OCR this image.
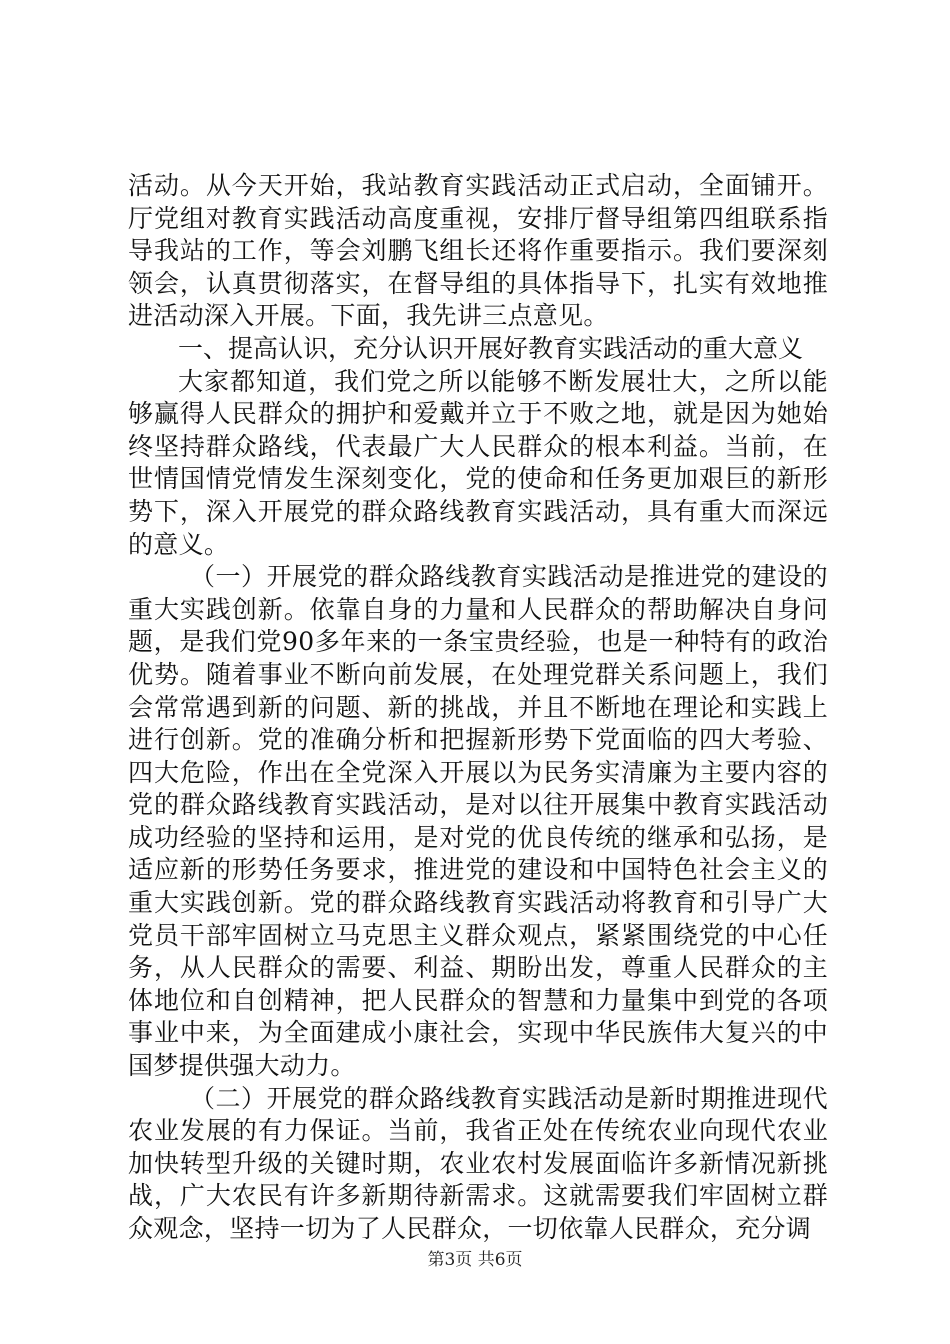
活动。从今天开始，我站教育实践活动正式启动，全面铺开。厅党组对教育实践活动高度重视，安排厅督导组第四组联系指导我站的工作，等会刘鹏飞组长还将作重要指示。我们要深刻领会，认真贯彻落实，在督导组的具体指导下，扎实有效地推进活动深入开展。下面，我先讲三点意见。

一、提高认识，充分认识开展好教育实践活动的重大意义

大家都知道，我们党之所以能够不断发展壮大，之所以能够赢得人民群众的拥护和爱戴并立于不败之地，就是因为她始终坚持群众路线，代表最广大人民群众的根本利益。当前，在世情国情党情发生深刻变化，党的使命和任务更加艰巨的新形势下，深入开展党的群众路线教育实践活动，具有重大而深远的意义。

（一）开展党的群众路线教育实践活动是推进党的建设的重大实践创新。依靠自身的力量和人民群众的帮助解决自身问题，是我们党90多年来的一条宝贵经验，也是一种特有的政治优势。随着事业不断向前发展，在处理党群关系问题上，我们会常常遇到新的问题、新的挑战，并且不断地在理论和实践上进行创新。党的准确分析和把握新形势下党面临的四大考验、四大危险，作出在全党深入开展以为民务实清廉为主要内容的党的群众路线教育实践活动，是对以往开展集中教育实践活动成功经验的坚持和运用，是对党的优良传统的继承和弘扬，是适应新的形势任务要求，推进党的建设和中国特色社会主义的重大实践创新。党的群众路线教育实践活动将教育和引导广大党员干部牢固树立马克思主义群众观点，紧紧围绕党的中心任务，从人民群众的需要、利益、期盼出发，尊重人民群众的主体地位和自创精神，把人民群众的智慧和力量集中到党的各项事业中来，为全面建成小康社会，实现中华民族伟大复兴的中国梦提供强大动力。

（二）开展党的群众路线教育实践活动是新时期推进现代农业发展的有力保证。当前，我省正处在传统农业向现代农业加快转型升级的关键时期，农业农村发展面临许多新情况新挑战，广大农民有许多新期待新需求。这就需要我们牢固树立群众观念，坚持一切为了人民群众，一切依靠人民群众，充分调

第3页 共6页
